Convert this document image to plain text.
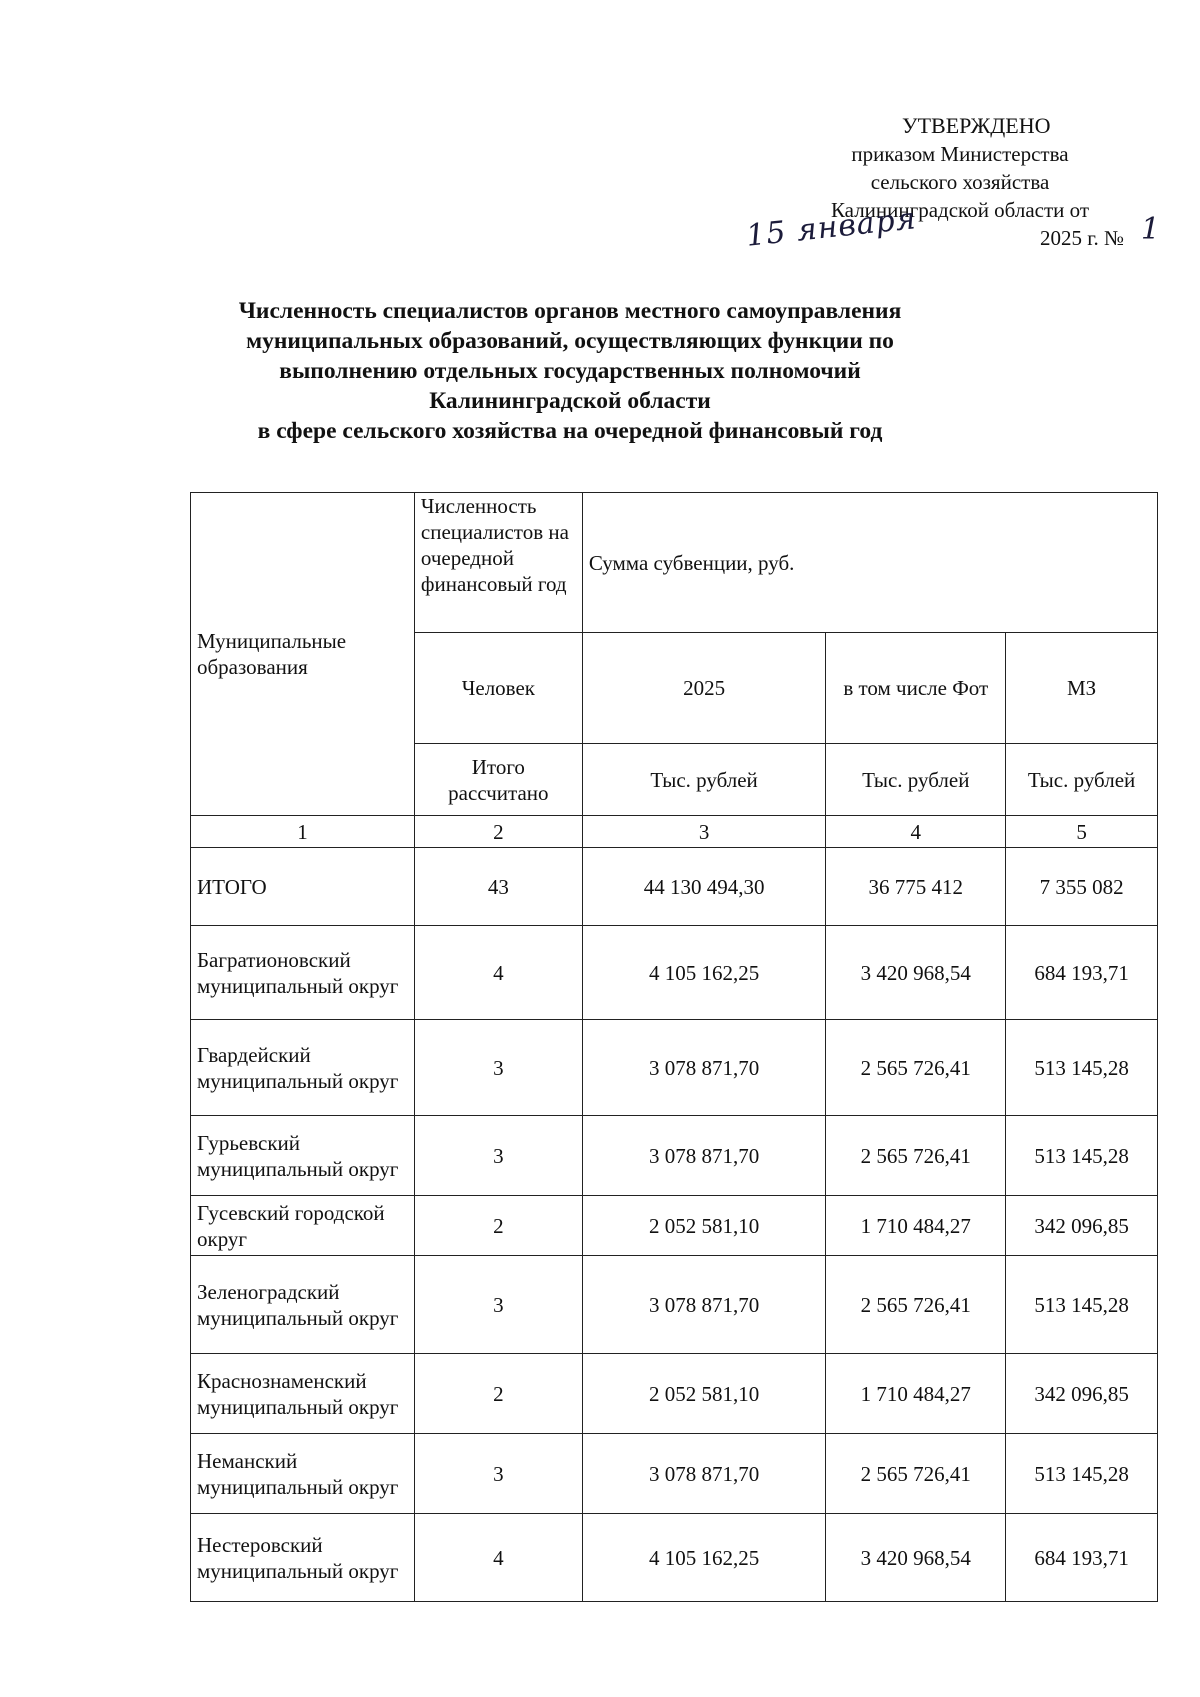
УТВЕРЖДЕНО
приказом Министерства
сельского хозяйства
Калининградской области от
15 января	2025 г. № 1
Численность специалистов органов местного самоуправления
муниципальных образований, осуществляющих функции по
выполнению отдельных государственных полномочий
Калининградской области
в сфере сельского хозяйства на очередной финансовый год
Муниципальные образования	Численность специалистов на очередной финансовый год	Сумма субвенции, руб.		
	Человек	2025	в том числе Фот	МЗ
	Итого рассчитано	Тыс. рублей	Тыс. рублей	Тыс. рублей
1	2	3	4	5
ИТОГО	43	44 130 494,30	36 775 412	7 355 082
Багратионовский муниципальный округ	4	4 105 162,25	3 420 968,54	684 193,71
Гвардейский муниципальный округ	3	3 078 871,70	2 565 726,41	513 145,28
Гурьевский муниципальный округ	3	3 078 871,70	2 565 726,41	513 145,28
Гусевский городской округ	2	2 052 581,10	1 710 484,27	342 096,85
Зеленоградский муниципальный округ	3	3 078 871,70	2 565 726,41	513 145,28
Краснознаменский муниципальный округ	2	2 052 581,10	1 710 484,27	342 096,85
Неманский муниципальный округ	3	3 078 871,70	2 565 726,41	513 145,28
Нестеровский муниципальный округ	4	4 105 162,25	3 420 968,54	684 193,71
